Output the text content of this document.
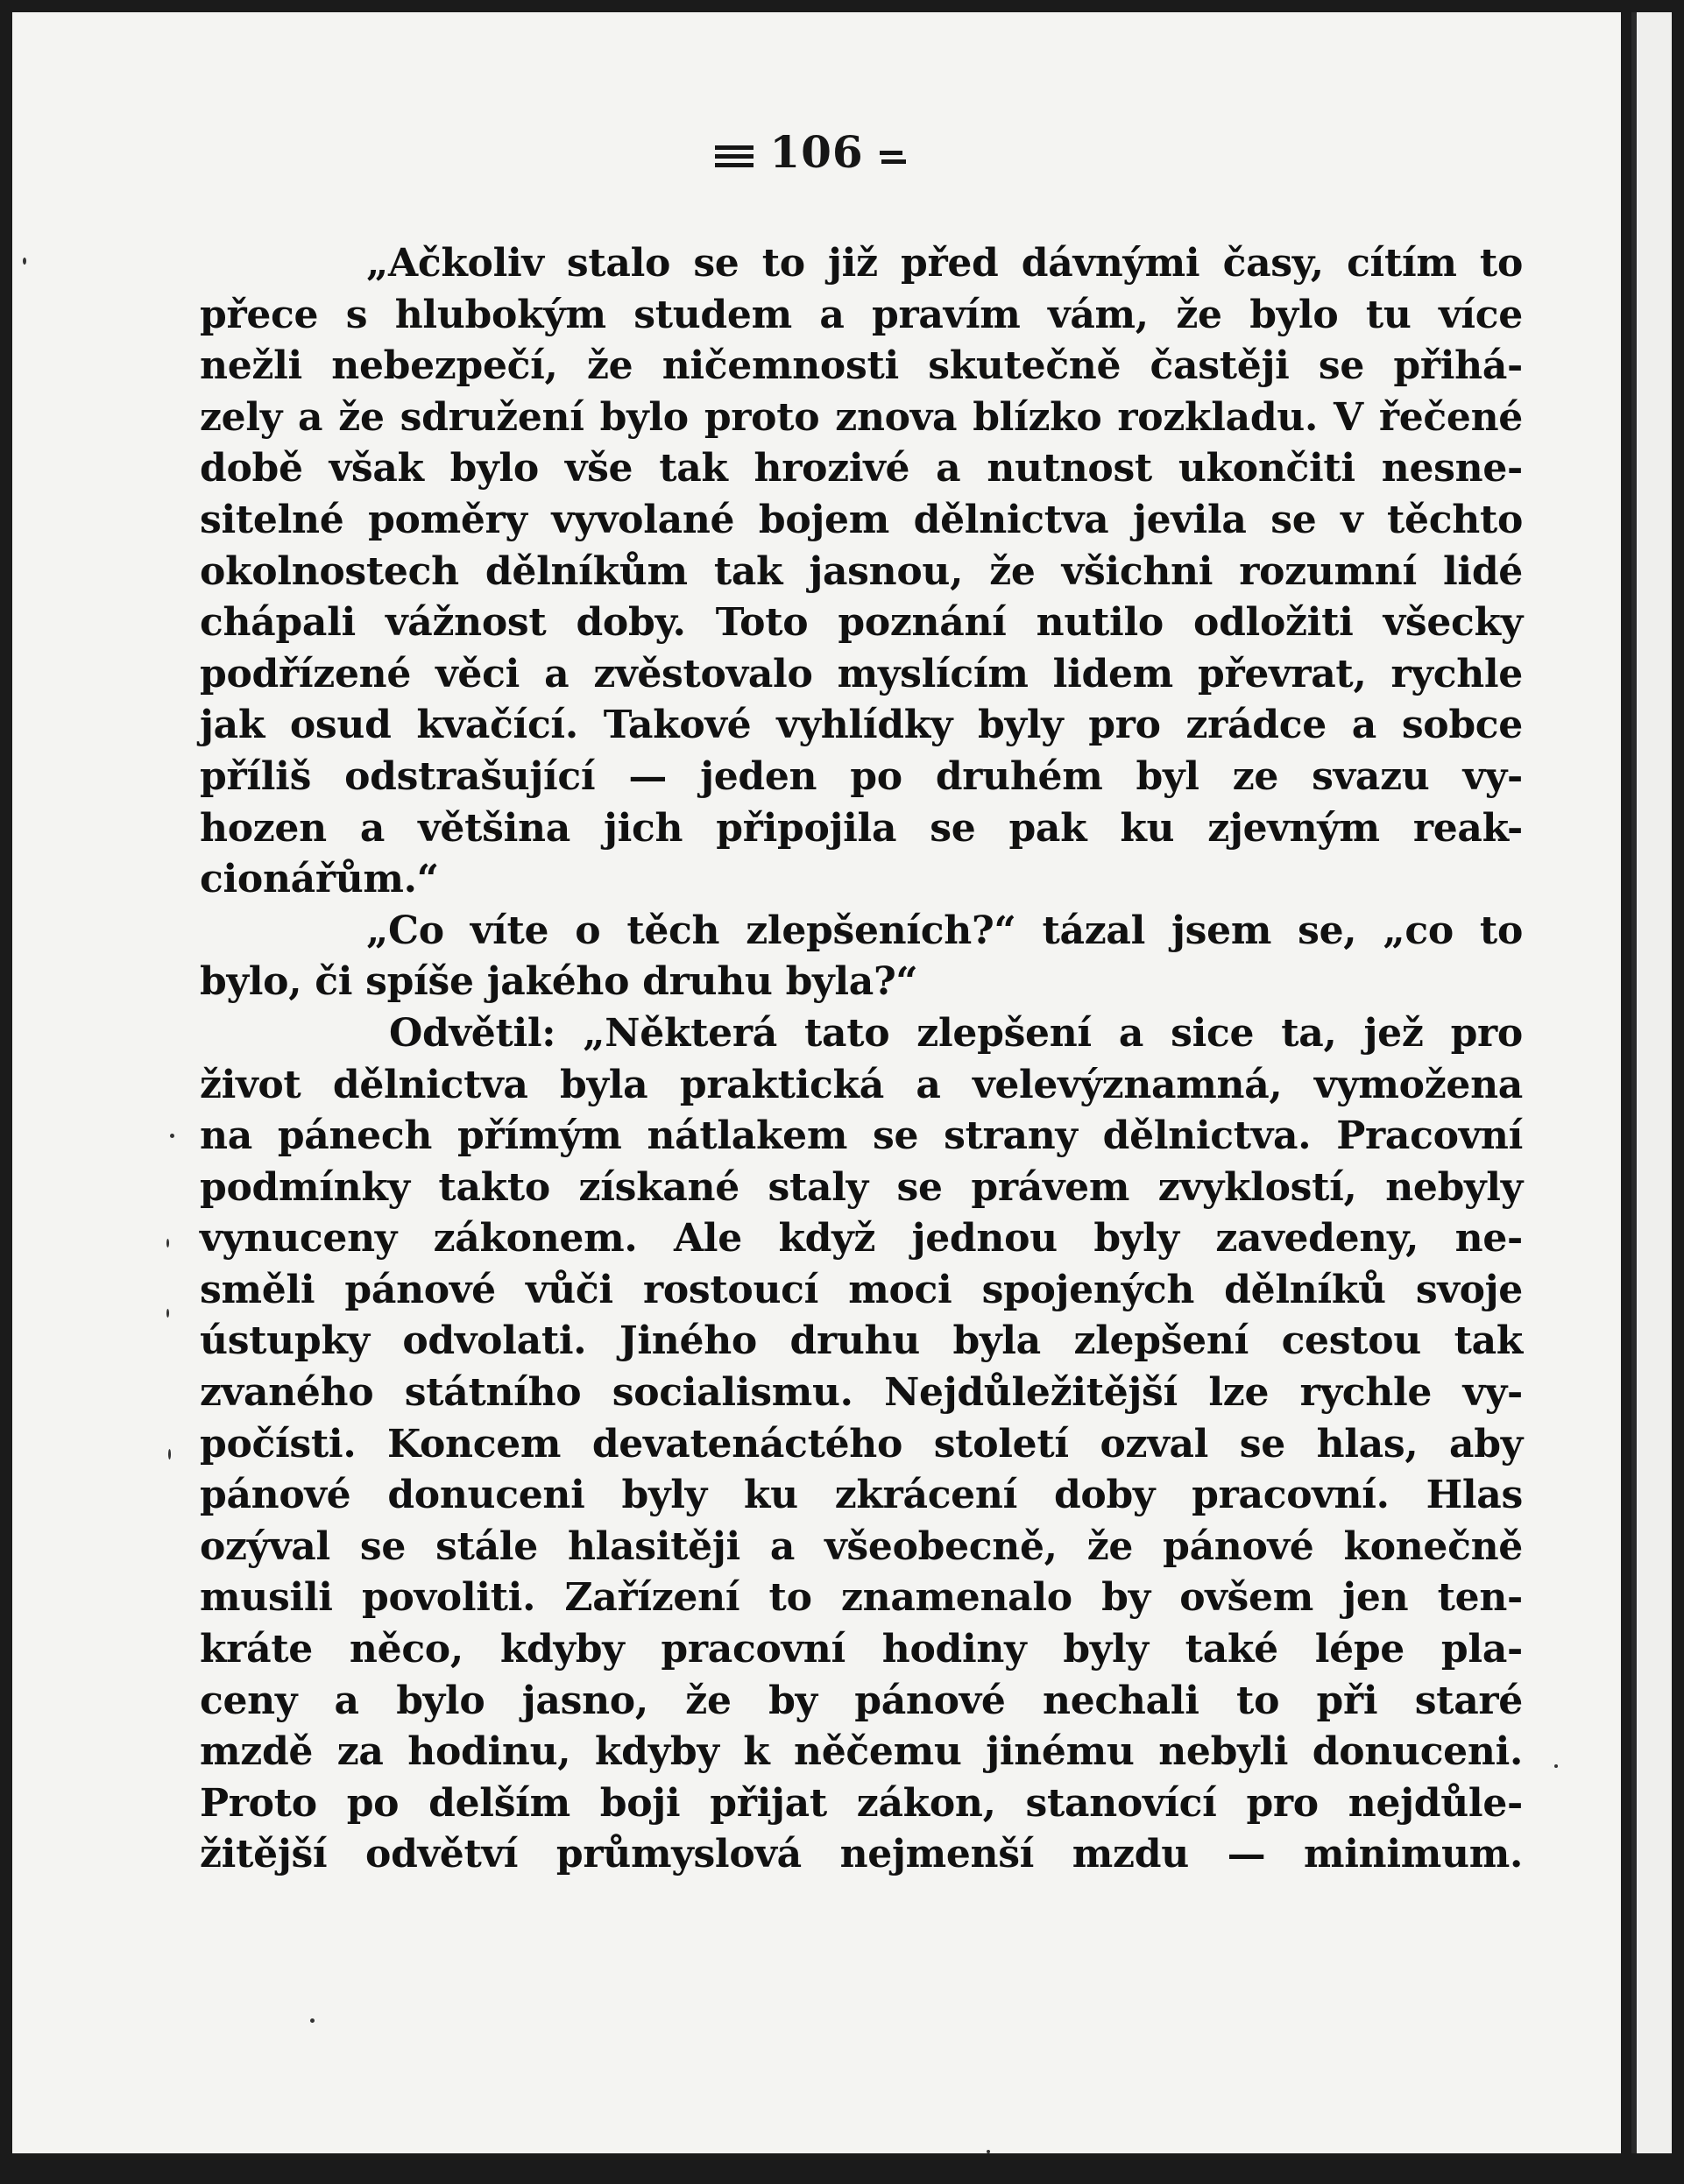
106
„Ačkoliv stalo se to již před dávnými časy, cítím to
přece s hlubokým studem a pravím vám, že bylo tu více
nežli nebezpečí, že ničemnosti skutečně častěji se přihá-
zely a že sdružení bylo proto znova blízko rozkladu. V řečené
době však bylo vše tak hrozivé a nutnost ukončiti nesne-
sitelné poměry vyvolané bojem dělnictva jevila se v těchto
okolnostech dělníkům tak jasnou, že všichni rozumní lidé
chápali vážnost doby. Toto poznání nutilo odložiti všecky
podřízené věci a zvěstovalo myslícím lidem převrat, rychle
jak osud kvačící. Takové vyhlídky byly pro zrádce a sobce
příliš odstrašující — jeden po druhém byl ze svazu vy-
hozen a většina jich připojila se pak ku zjevným reak-
cionářům.“
„Co víte o těch zlepšeních?“ tázal jsem se, „co to
bylo, či spíše jakého druhu byla?“
Odvětil: „Některá tato zlepšení a sice ta, jež pro
život dělnictva byla praktická a velevýznamná, vymožena
na pánech přímým nátlakem se strany dělnictva. Pracovní
podmínky takto získané staly se právem zvyklostí, nebyly
vynuceny zákonem. Ale když jednou byly zavedeny, ne-
směli pánové vůči rostoucí moci spojených dělníků svoje
ústupky odvolati. Jiného druhu byla zlepšení cestou tak
zvaného státního socialismu. Nejdůležitější lze rychle vy-
počísti. Koncem devatenáctého století ozval se hlas, aby
pánové donuceni byly ku zkrácení doby pracovní. Hlas
ozýval se stále hlasitěji a všeobecně, že pánové konečně
musili povoliti. Zařízení to znamenalo by ovšem jen ten-
kráte něco, kdyby pracovní hodiny byly také lépe pla-
ceny a bylo jasno, že by pánové nechali to při staré
mzdě za hodinu, kdyby k něčemu jinému nebyli donuceni.
Proto po delším boji přijat zákon, stanovící pro nejdůle-
žitější odvětví průmyslová nejmenší mzdu — minimum.
